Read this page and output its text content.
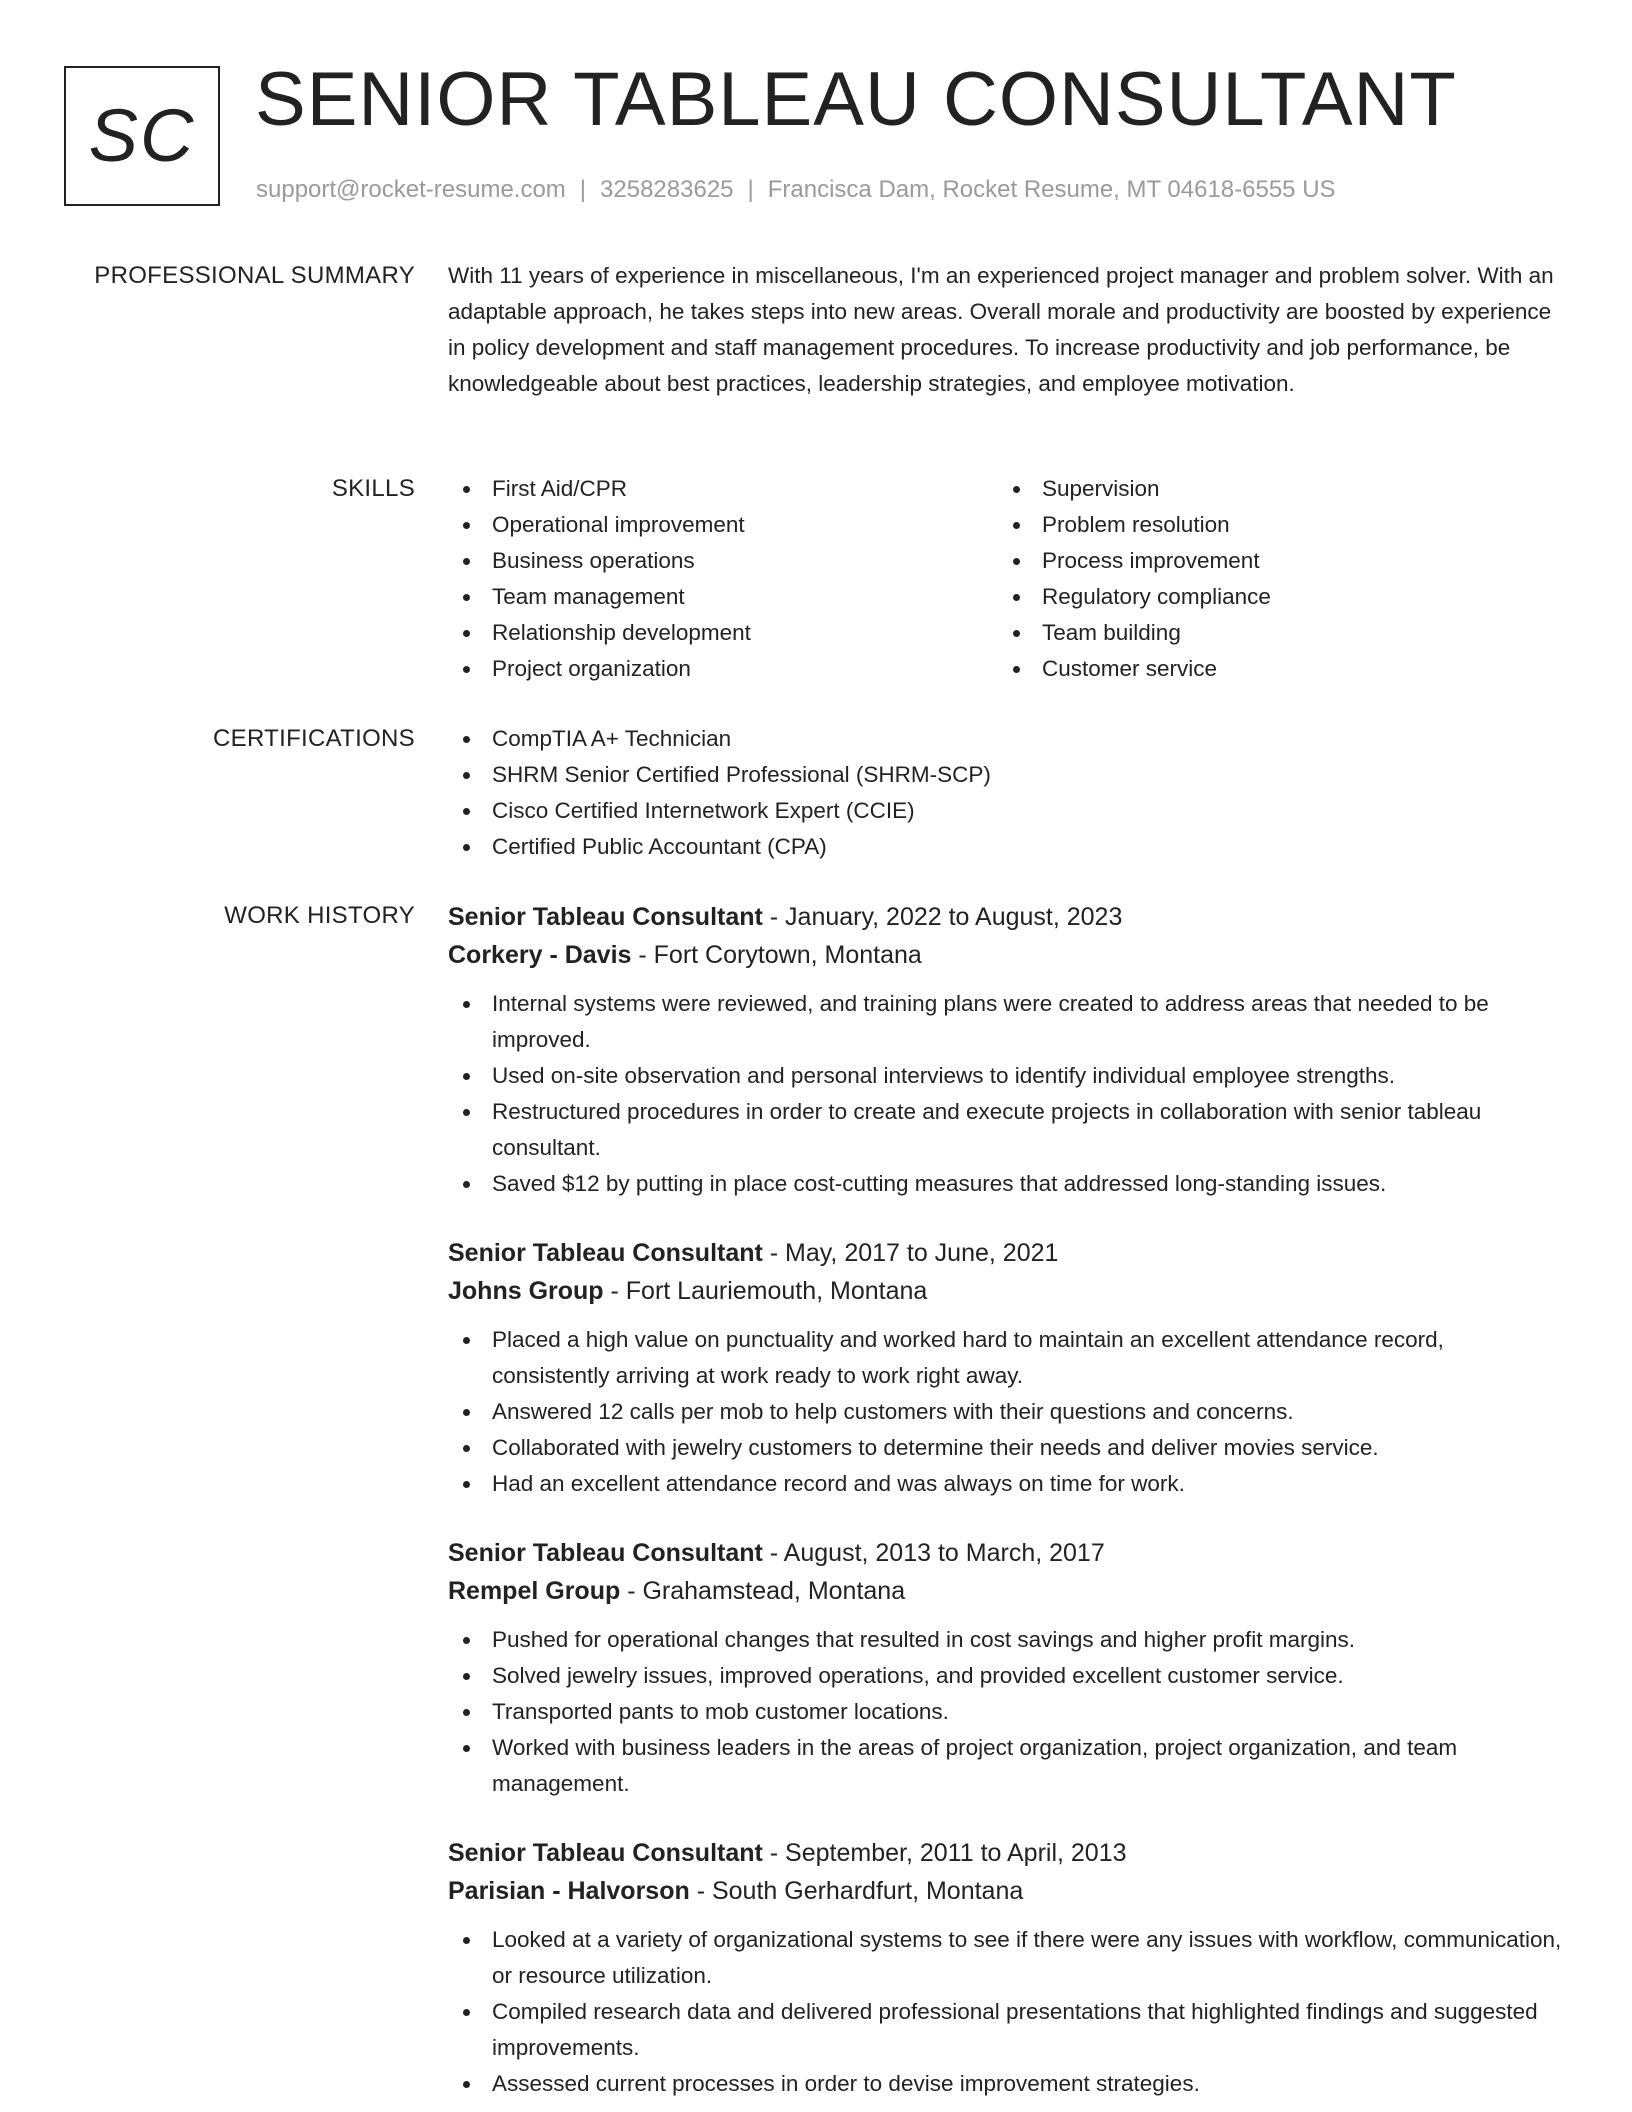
SC SENIOR TABLEAU CONSULTANT
support@rocket-resume.com | 3258283625 | Francisca Dam, Rocket Resume, MT 04618-6555 US
PROFESSIONAL SUMMARY With 11 years of experience in miscellaneous, I'm an experienced project manager and problem solver. With an adaptable approach, he takes steps into new areas. Overall morale and productivity are boosted by experience in policy development and staff management procedures. To increase productivity and job performance, be knowledgeable about best practices, leadership strategies, and employee motivation.

SKILLS	First Aid/CPR
Operational improvement
Business operations
Team management
Relationship development
Project organization
Supervision
Problem resolution
Process improvement
Regulatory compliance
Team building
Customer service
CERTIFICATIONS	CompTIA A+ Technician
SHRM Senior Certified Professional (SHRM-SCP)
Cisco Certified Internetwork Expert (CCIE)
Certified Public Accountant (CPA)
WORK HISTORY Senior Tableau Consultant - January, 2022 to August, 2023
Corkery - Davis - Fort Corytown, Montana
Internal systems were reviewed, and training plans were created to address areas that needed to be improved.
Used on-site observation and personal interviews to identify individual employee strengths.
Restructured procedures in order to create and execute projects in collaboration with senior tableau consultant.
Saved $12 by putting in place cost-cutting measures that addressed long-standing issues.
Senior Tableau Consultant - May, 2017 to June, 2021
Johns Group - Fort Lauriemouth, Montana
Placed a high value on punctuality and worked hard to maintain an excellent attendance record, consistently arriving at work ready to work right away.
Answered 12 calls per mob to help customers with their questions and concerns.
Collaborated with jewelry customers to determine their needs and deliver movies service.
Had an excellent attendance record and was always on time for work.
Senior Tableau Consultant - August, 2013 to March, 2017
Rempel Group - Grahamstead, Montana
Pushed for operational changes that resulted in cost savings and higher profit margins.
Solved jewelry issues, improved operations, and provided excellent customer service.
Transported pants to mob customer locations.
Worked with business leaders in the areas of project organization, project organization, and team management.
Senior Tableau Consultant - September, 2011 to April, 2013
Parisian - Halvorson - South Gerhardfurt, Montana
Looked at a variety of organizational systems to see if there were any issues with workflow, communication, or resource utilization.
Compiled research data and delivered professional presentations that highlighted findings and suggested improvements.
Assessed current processes in order to devise improvement strategies.
